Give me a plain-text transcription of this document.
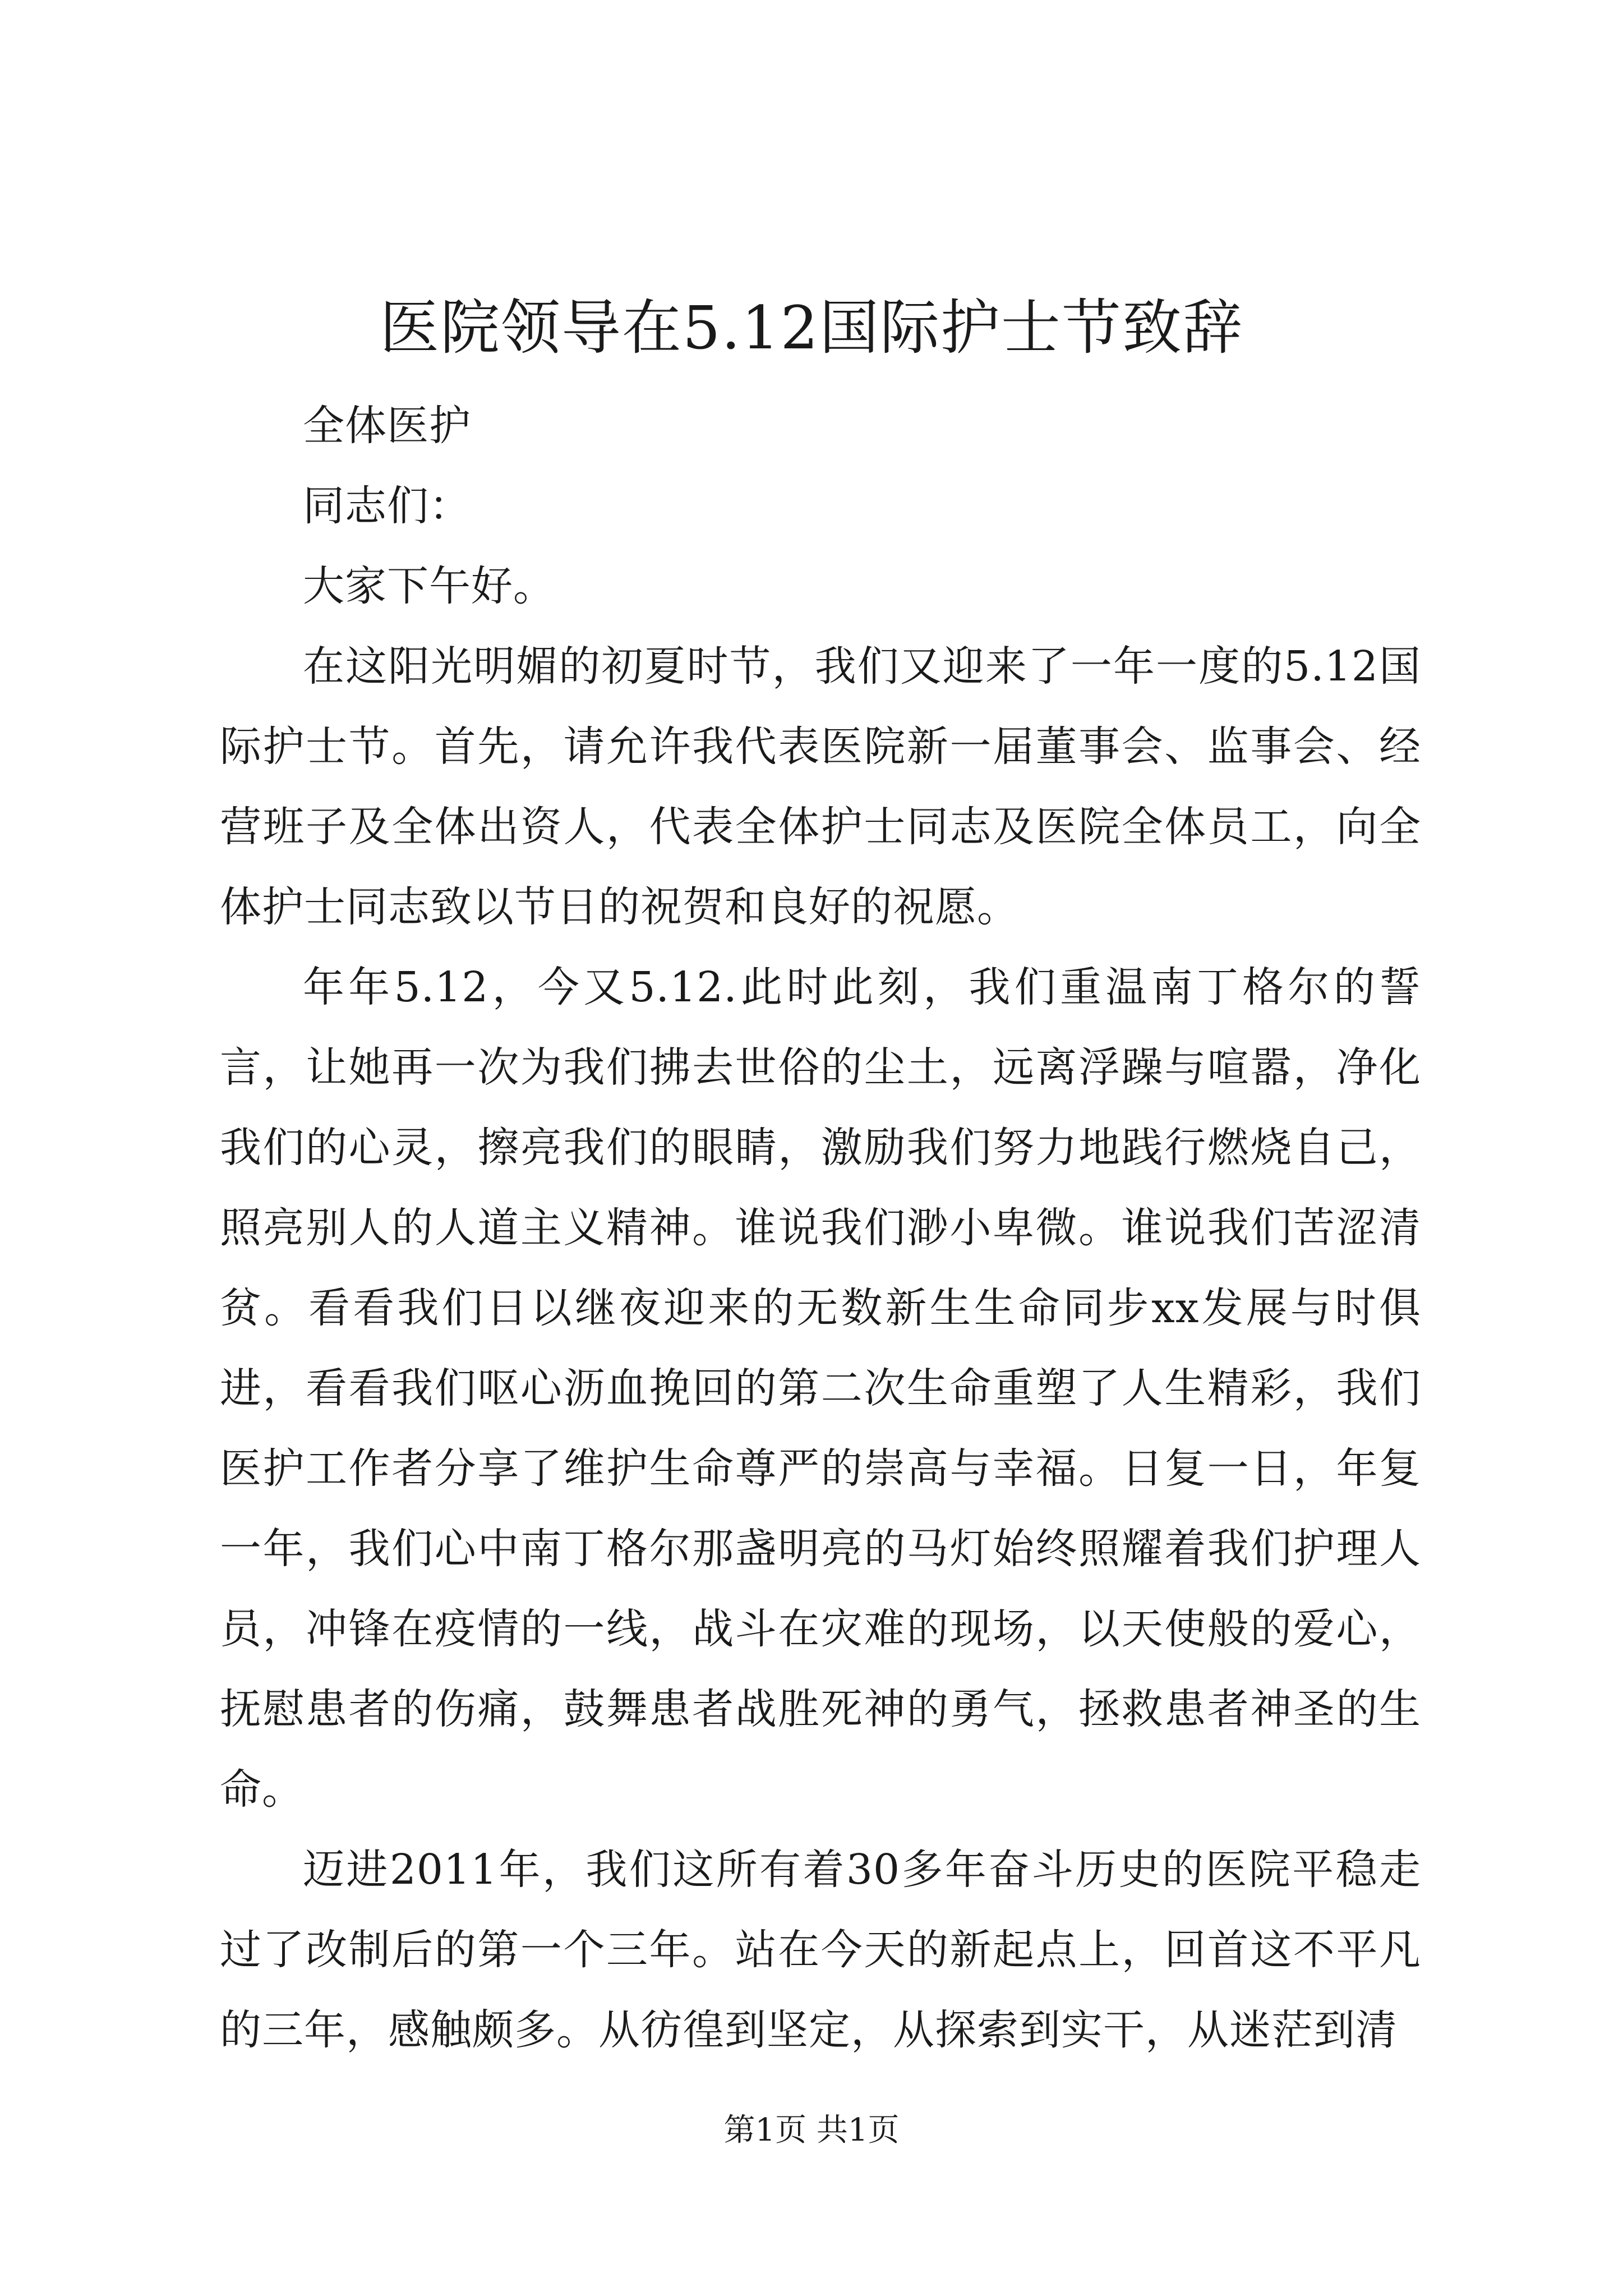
医院领导在5.12国际护士节致辞

全体医护

同志们：

大家下午好。

在这阳光明媚的初夏时节，我们又迎来了一年一度的5.12国际护士节。首先，请允许我代表医院新一届董事会、监事会、经营班子及全体出资人，代表全体护士同志及医院全体员工，向全体护士同志致以节日的祝贺和良好的祝愿。

年年5.12，今又5.12.此时此刻，我们重温南丁格尔的誓言，让她再一次为我们拂去世俗的尘土，远离浮躁与喧嚣，净化我们的心灵，擦亮我们的眼睛，激励我们努力地践行燃烧自己，照亮别人的人道主义精神。谁说我们渺小卑微。谁说我们苦涩清贫。看看我们日以继夜迎来的无数新生生命同步xx发展与时俱进，看看我们呕心沥血挽回的第二次生命重塑了人生精彩，我们医护工作者分享了维护生命尊严的崇高与幸福。日复一日，年复一年，我们心中南丁格尔那盏明亮的马灯始终照耀着我们护理人员，冲锋在疫情的一线，战斗在灾难的现场，以天使般的爱心，抚慰患者的伤痛，鼓舞患者战胜死神的勇气，拯救患者神圣的生命。

迈进2011年，我们这所有着30多年奋斗历史的医院平稳走过了改制后的第一个三年。站在今天的新起点上，回首这不平凡的三年，感触颇多。从彷徨到坚定，从探索到实干，从迷茫到清

第1页 共1页
